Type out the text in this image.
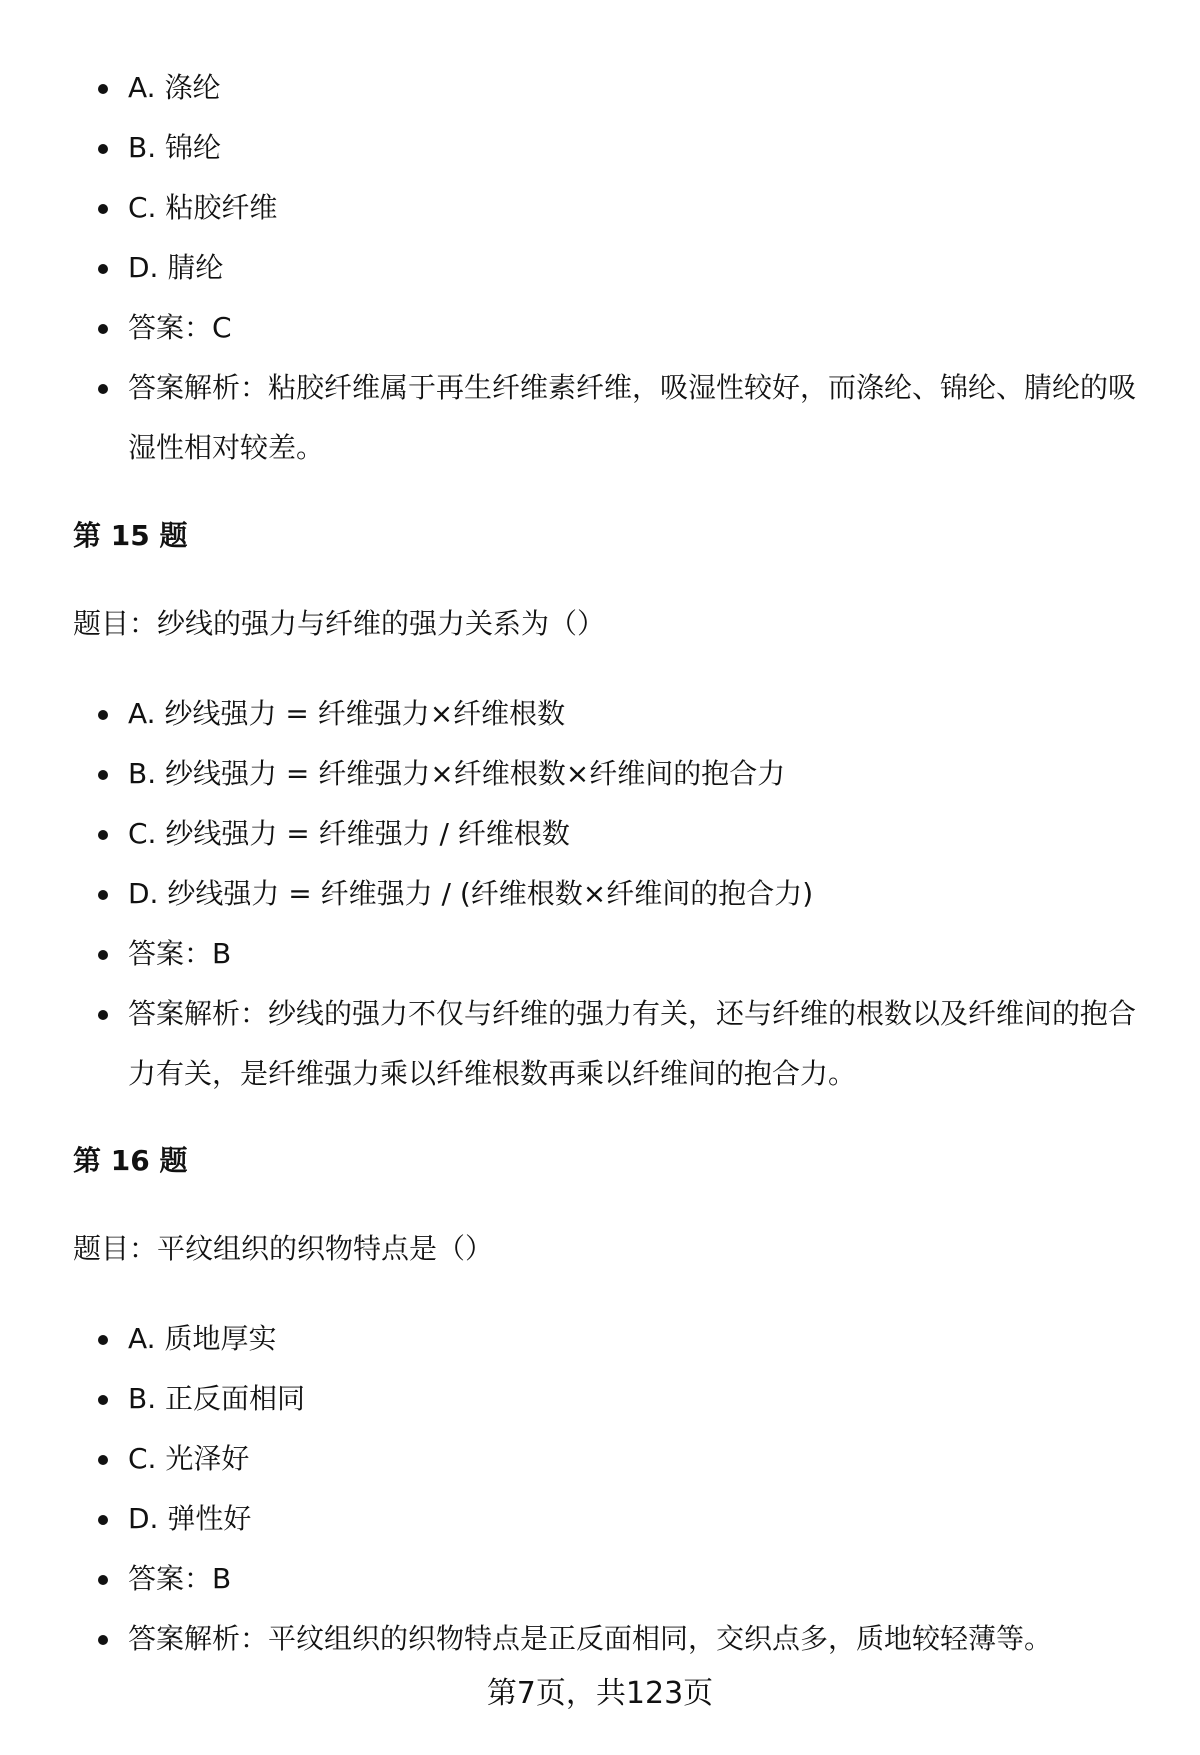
A. 涤纶
B. 锦纶
C. 粘胶纤维
D. 腈纶
答案：C
答案解析：粘胶纤维属于再生纤维素纤维，吸湿性较好，而涤纶、锦纶、腈纶的吸湿性相对较差。
第 15 题
题目：纱线的强力与纤维的强力关系为（）
A. 纱线强力 = 纤维强力×纤维根数
B. 纱线强力 = 纤维强力×纤维根数×纤维间的抱合力
C. 纱线强力 = 纤维强力 / 纤维根数
D. 纱线强力 = 纤维强力 / (纤维根数×纤维间的抱合力)
答案：B
答案解析：纱线的强力不仅与纤维的强力有关，还与纤维的根数以及纤维间的抱合力有关，是纤维强力乘以纤维根数再乘以纤维间的抱合力。
第 16 题
题目：平纹组织的织物特点是（）
A. 质地厚实
B. 正反面相同
C. 光泽好
D. 弹性好
答案：B
答案解析：平纹组织的织物特点是正反面相同，交织点多，质地较轻薄等。
第7页，共123页
